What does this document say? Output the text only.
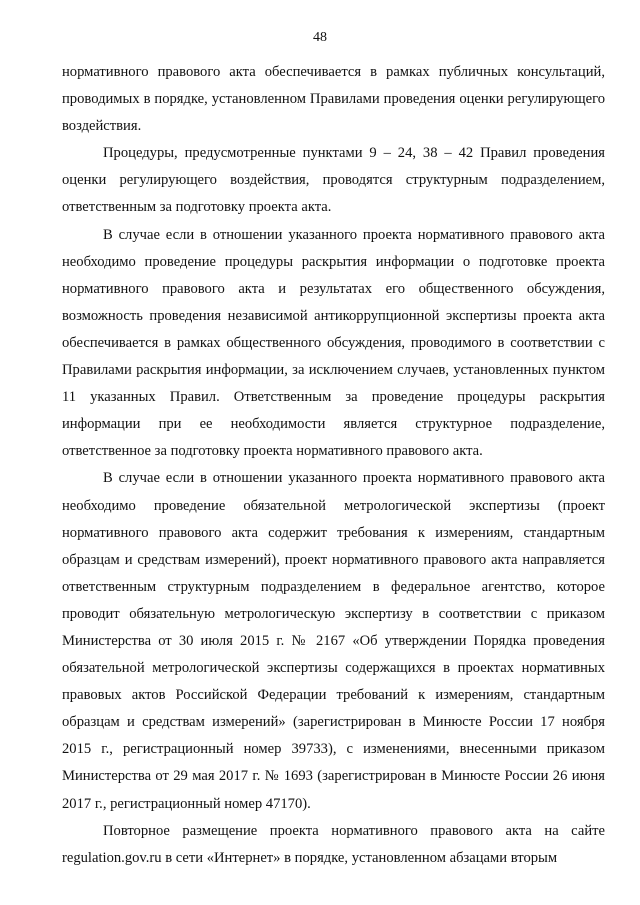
48

нормативного правового акта обеспечивается в рамках публичных консультаций, проводимых в порядке, установленном Правилами проведения оценки регулирующего воздействия.

Процедуры, предусмотренные пунктами 9 – 24, 38 – 42 Правил проведения оценки регулирующего воздействия, проводятся структурным подразделением, ответственным за подготовку проекта акта.

В случае если в отношении указанного проекта нормативного правового акта необходимо проведение процедуры раскрытия информации о подготовке проекта нормативного правового акта и результатах его общественного обсуждения, возможность проведения независимой антикоррупционной экспертизы проекта акта обеспечивается в рамках общественного обсуждения, проводимого в соответствии с Правилами раскрытия информации, за исключением случаев, установленных пунктом 11 указанных Правил. Ответственным за проведение процедуры раскрытия информации при ее необходимости является структурное подразделение, ответственное за подготовку проекта нормативного правового акта.

В случае если в отношении указанного проекта нормативного правового акта необходимо проведение обязательной метрологической экспертизы (проект нормативного правового акта содержит требования к измерениям, стандартным образцам и средствам измерений), проект нормативного правового акта направляется ответственным структурным подразделением в федеральное агентство, которое проводит обязательную метрологическую экспертизу в соответствии с приказом Министерства от 30 июля 2015 г. № 2167 «Об утверждении Порядка проведения обязательной метрологической экспертизы содержащихся в проектах нормативных правовых актов Российской Федерации требований к измерениям, стандартным образцам и средствам измерений» (зарегистрирован в Минюсте России 17 ноября 2015 г., регистрационный номер 39733), с изменениями, внесенными приказом Министерства от 29 мая 2017 г. № 1693 (зарегистрирован в Минюсте России 26 июня 2017 г., регистрационный номер 47170).

Повторное размещение проекта нормативного правового акта на сайте regulation.gov.ru в сети «Интернет» в порядке, установленном абзацами вторым
